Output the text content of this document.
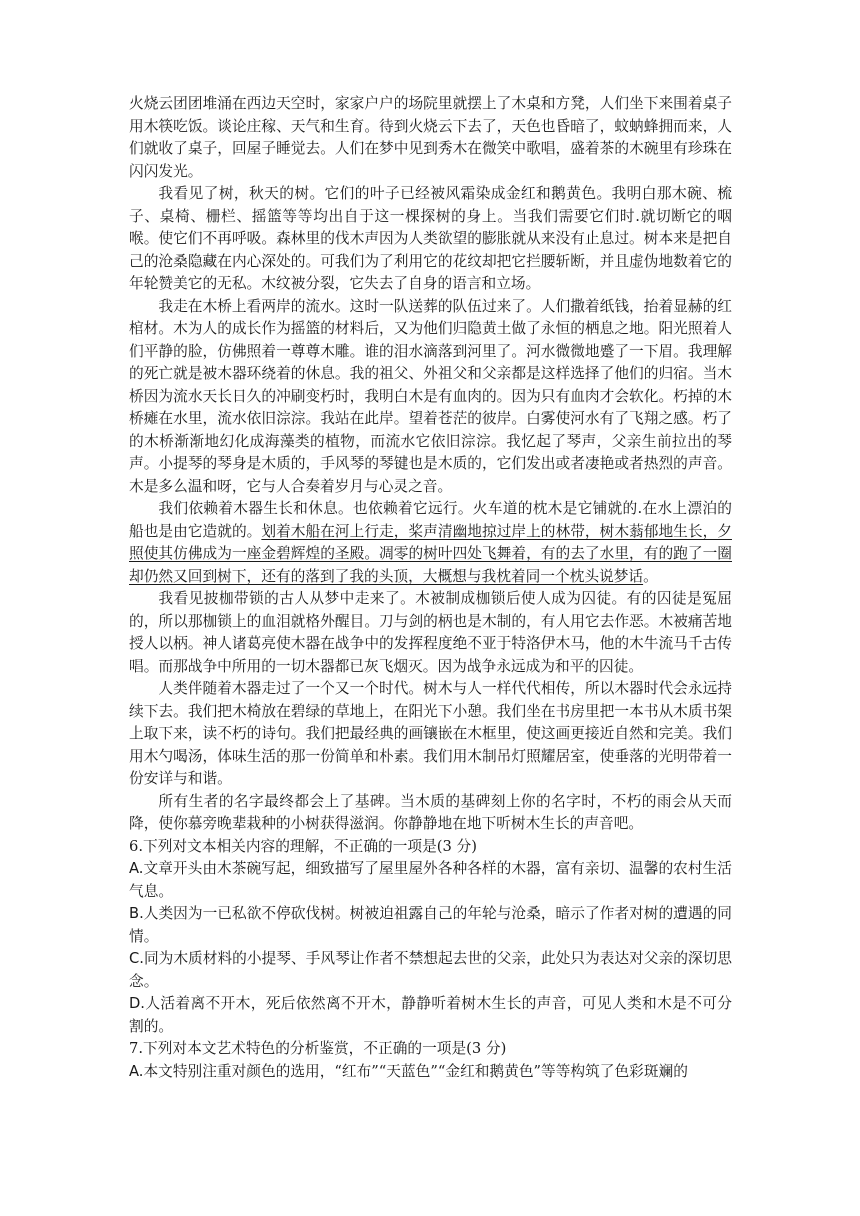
火烧云团团堆涌在西边天空时，家家户户的场院里就摆上了木桌和方凳，人们坐下来围着桌子用木筷吃饭。谈论庄稼、天气和生育。待到火烧云下去了，天色也昏暗了，蚊蚋蜂拥而来，人们就收了桌子，回屋子睡觉去。人们在梦中见到秀木在微笑中歌唱，盛着茶的木碗里有珍珠在闪闪发光。

我看见了树，秋天的树。它们的叶子已经被风霜染成金红和鹅黄色。我明白那木碗、梳子、桌椅、栅栏、摇篮等等均出自于这一棵探树的身上。当我们需要它们时.就切断它的咽喉。使它们不再呼吸。森林里的伐木声因为人类欲望的膨胀就从来没有止息过。树本来是把自己的沧桑隐藏在内心深处的。可我们为了利用它的花纹却把它拦腰斩断，并且虚伪地数着它的年轮赞美它的无私。木纹被分裂，它失去了自身的语言和立场。

我走在木桥上看两岸的流水。这时一队送葬的队伍过来了。人们撒着纸钱，抬着显赫的红棺材。木为人的成长作为摇篮的材料后，又为他们归隐黄土做了永恒的栖息之地。阳光照着人们平静的脸，仿佛照着一尊尊木雕。谁的泪水滴落到河里了。河水微微地蹙了一下眉。我理解的死亡就是被木器环绕着的休息。我的祖父、外祖父和父亲都是这样选择了他们的归宿。当木桥因为流水天长日久的冲刷变朽时，我明白木是有血肉的。因为只有血肉才会软化。朽掉的木桥瘫在水里，流水依旧淙淙。我站在此岸。望着苍茫的彼岸。白雾使河水有了飞翔之感。朽了的木桥渐渐地幻化成海藻类的植物，而流水它依旧淙淙。我忆起了琴声，父亲生前拉出的琴声。小提琴的琴身是木质的，手风琴的琴键也是木质的，它们发出或者凄艳或者热烈的声音。木是多么温和呀，它与人合奏着岁月与心灵之音。

我们依赖着木器生长和休息。也依赖着它远行。火车道的枕木是它铺就的.在水上漂泊的船也是由它造就的。划着木船在河上行走，桨声清幽地掠过岸上的林带，树木蓊郁地生长，夕照使其仿佛成为一座金碧辉煌的圣殿。凋零的树叶四处飞舞着，有的去了水里，有的跑了一圈却仍然又回到树下，还有的落到了我的头顶，大概想与我枕着同一个枕头说梦话。

我看见披枷带锁的古人从梦中走来了。木被制成枷锁后使人成为囚徒。有的囚徒是冤屈的，所以那枷锁上的血泪就格外醒目。刀与剑的柄也是木制的，有人用它去作恶。木被痛苦地授人以柄。神人诸葛亮使木器在战争中的发挥程度绝不亚于特洛伊木马，他的木牛流马千古传唱。而那战争中所用的一切木器都已灰飞烟灭。因为战争永远成为和平的囚徒。

人类伴随着木器走过了一个又一个时代。树木与人一样代代相传，所以木器时代会永远持续下去。我们把木椅放在碧绿的草地上，在阳光下小憩。我们坐在书房里把一本书从木质书架上取下来，读不朽的诗句。我们把最经典的画镶嵌在木框里，使这画更接近自然和完美。我们用木勺喝汤，体味生活的那一份简单和朴素。我们用木制吊灯照耀居室，使垂落的光明带着一份安详与和谐。

所有生者的名字最终都会上了基碑。当木质的基碑刻上你的名字时，不朽的雨会从天而降，使你慕旁晚辈栽种的小树获得滋润。你静静地在地下听树木生长的声音吧。

6.下列对文本相关内容的理解，不正确的一项是(3 分)

A.文章开头由木茶碗写起，细致描写了屋里屋外各种各样的木器，富有亲切、温馨的农村生活气息。

B.人类因为一已私欲不停砍伐树。树被迫祖露自己的年轮与沧桑，暗示了作者对树的遭遇的同情。

C.同为木质材料的小提琴、手风琴让作者不禁想起去世的父亲，此处只为表达对父亲的深切思念。

D.人活着离不开木，死后依然离不开木，静静听着树木生长的声音，可见人类和木是不可分割的。

7.下列对本文艺术特色的分析鉴赏，不正确的一项是(3 分)

A.本文特别注重对颜色的选用，“红布”“天蓝色”“金红和鹅黄色”等等构筑了色彩斑斓的
